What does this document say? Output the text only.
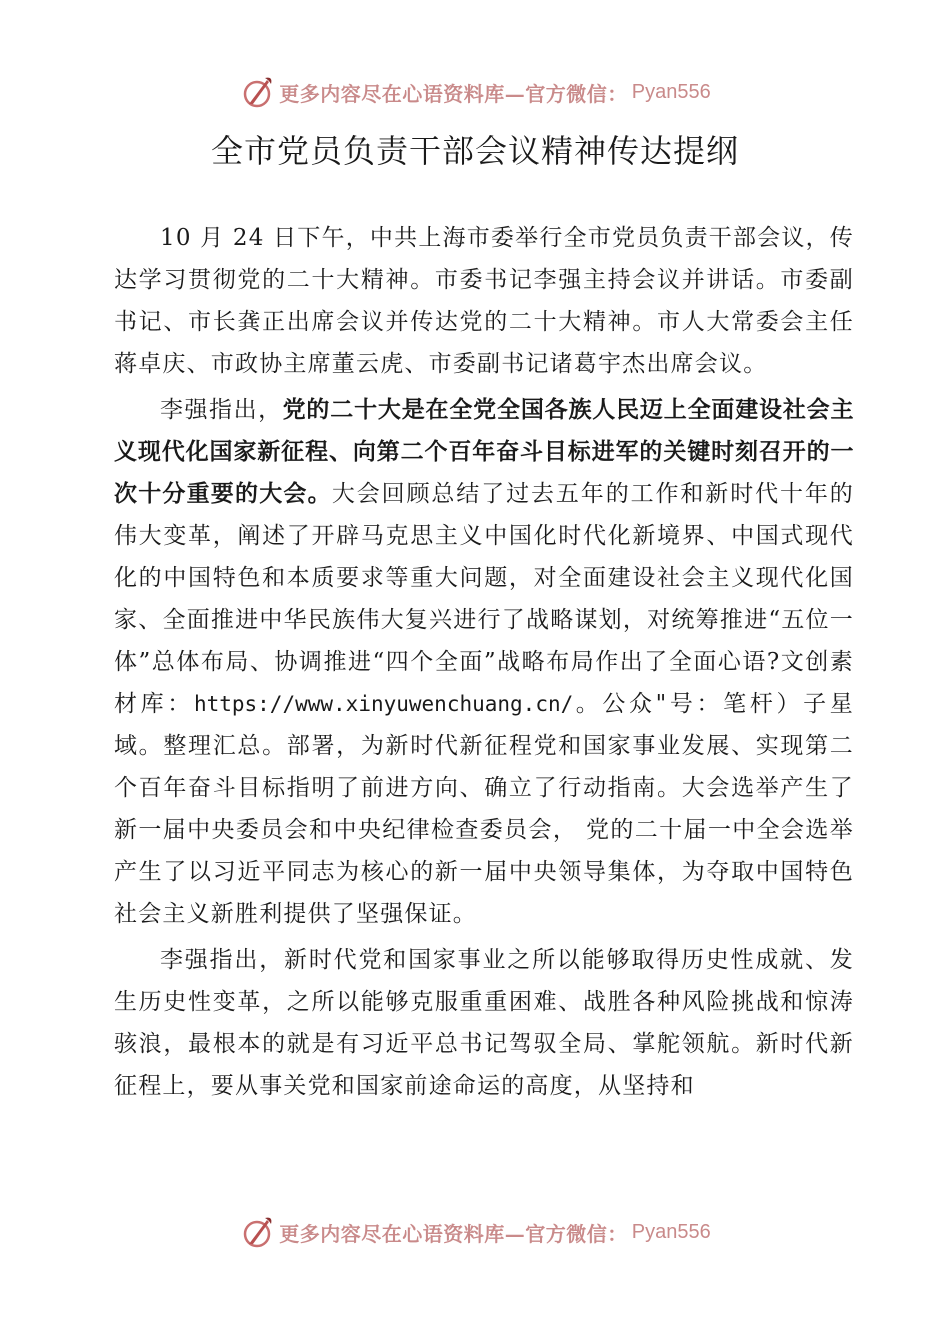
更多内容尽在心语资料库—官方微信： Pyan556
全市党员负责干部会议精神传达提纲

10 月 24 日下午，中共上海市委举行全市党员负责干部会议，传达学习贯彻党的二十大精神。市委书记李强主持会议并讲话。市委副书记、市长龚正出席会议并传达党的二十大精神。市人大常委会主任蒋卓庆、市政协主席董云虎、市委副书记诸葛宇杰出席会议。

李强指出，党的二十大是在全党全国各族人民迈上全面建设社会主义现代化国家新征程、向第二个百年奋斗目标进军的关键时刻召开的一次十分重要的大会。大会回顾总结了过去五年的工作和新时代十年的伟大变革，阐述了开辟马克思主义中国化时代化新境界、中国式现代化的中国特色和本质要求等重大问题，对全面建设社会主义现代化国家、全面推进中华民族伟大复兴进行了战略谋划，对统筹推进“五位一体”总体布局、协调推进“四个全面”战略布局作出了全面心语?文创素材库：https://www.xinyuwenchuang.cn/。公众"号：笔杆）子星域。整理汇总。部署，为新时代新征程党和国家事业发展、实现第二个百年奋斗目标指明了前进方向、确立了行动指南。大会选举产生了新一届中央委员会和中央纪律检查委员会， 党的二十届一中全会选举产生了以习近平同志为核心的新一届中央领导集体，为夺取中国特色社会主义新胜利提供了坚强保证。

李强指出，新时代党和国家事业之所以能够取得历史性成就、发生历史性变革，之所以能够克服重重困难、战胜各种风险挑战和惊涛骇浪，最根本的就是有习近平总书记驾驭全局、掌舵领航。新时代新征程上，要从事关党和国家前途命运的高度，从坚持和

更多内容尽在心语资料库—官方微信： Pyan556
